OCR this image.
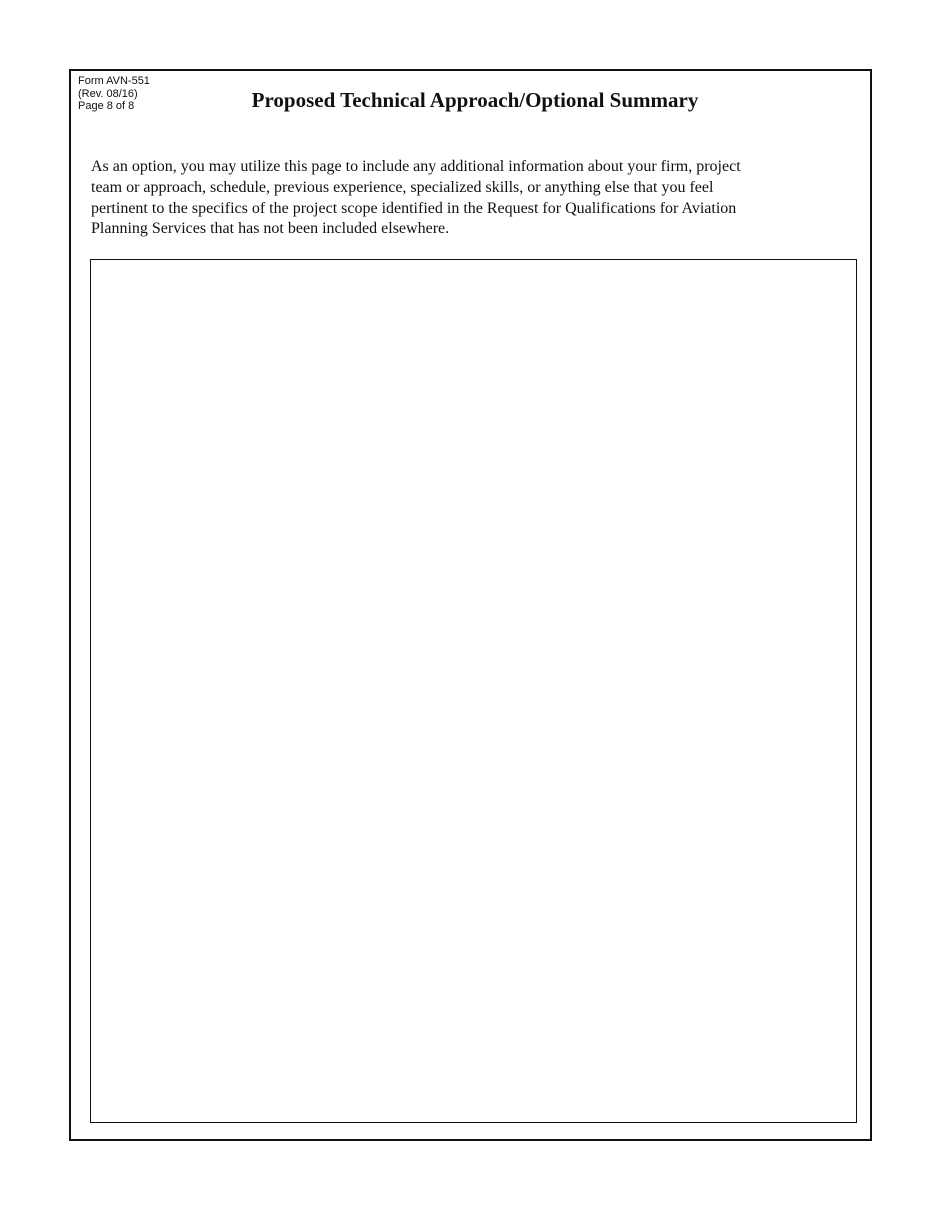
Form AVN-551
(Rev. 08/16)
Page 8 of 8	Proposed Technical Approach/Optional Summary
As an option, you may utilize this page to include any additional information about your firm, project
team or approach, schedule, previous experience, specialized skills, or anything else that you feel
pertinent to the specifics of the project scope identified in the Request for Qualifications for Aviation
Planning Services that has not been included elsewhere.
